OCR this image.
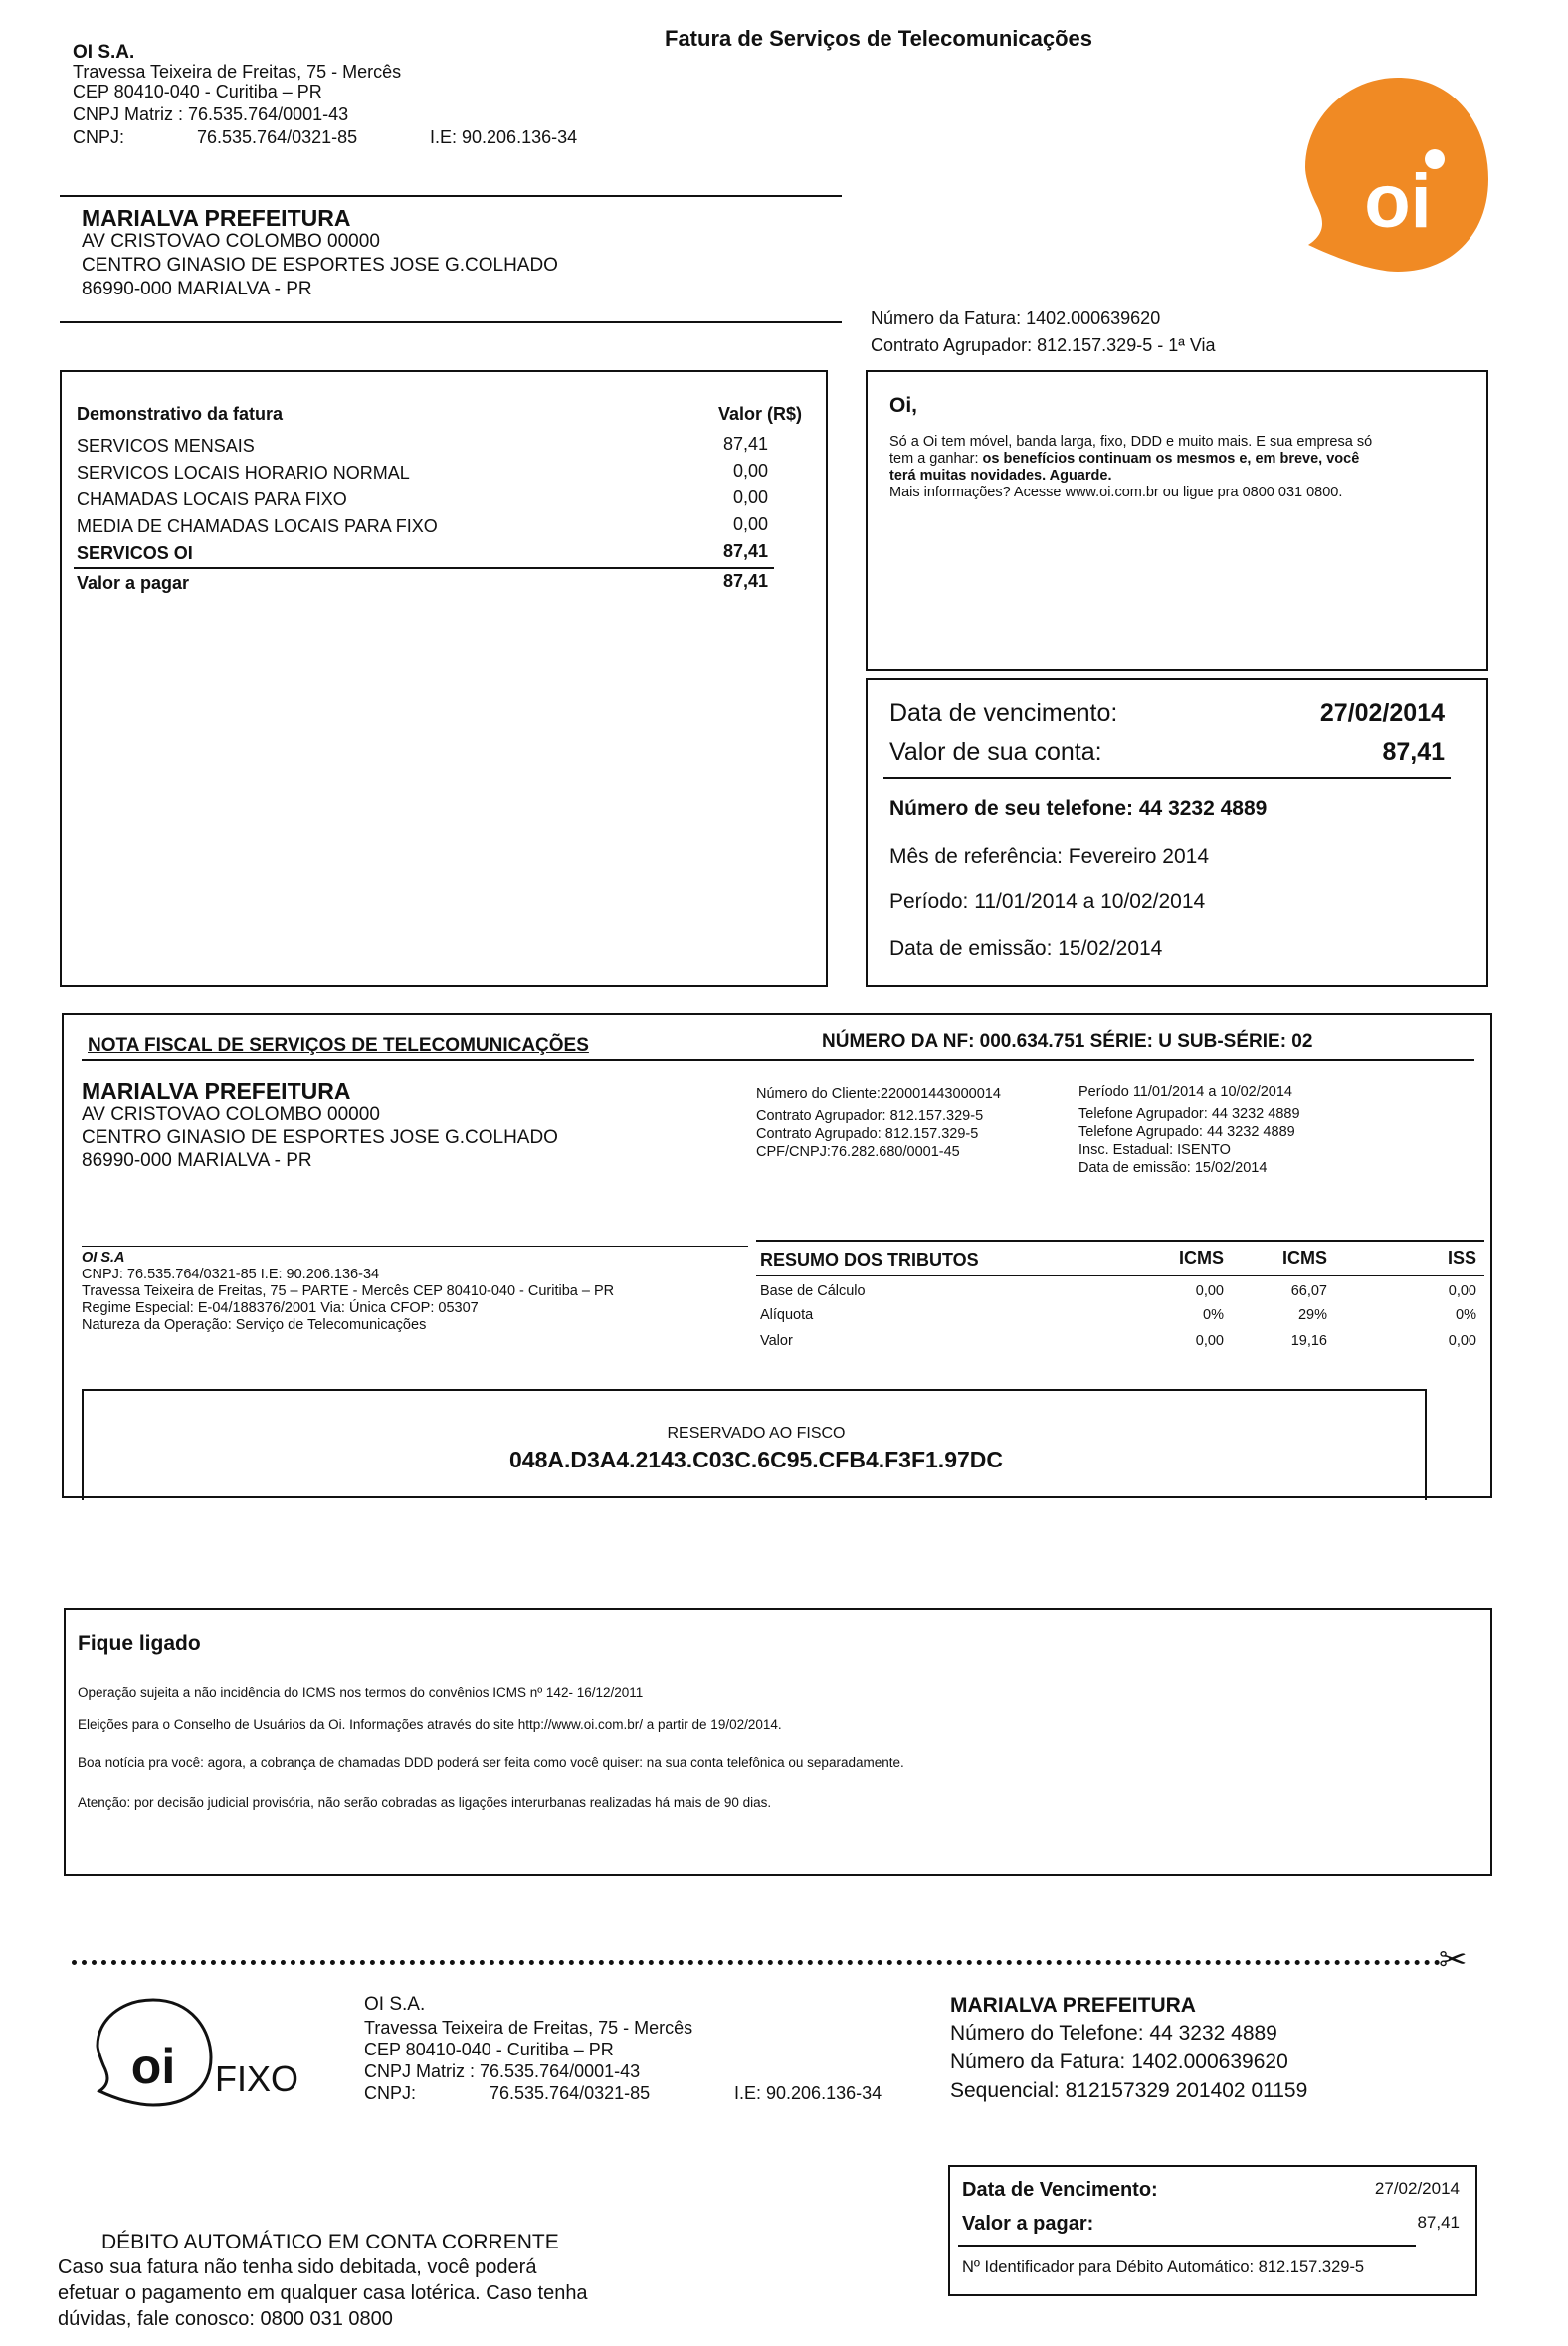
OI S.A.
Travessa Teixeira de Freitas, 75 - Mercês
CEP 80410-040 - Curitiba – PR
CNPJ Matriz : 76.535.764/0001-43
CNPJ:	76.535.764/0321-85	I.E: 90.206.136-34
Fatura de Serviços de Telecomunicações
oi
MARIALVA PREFEITURA
AV CRISTOVAO COLOMBO 00000
CENTRO GINASIO DE ESPORTES JOSE G.COLHADO
86990-000 MARIALVA - PR
Número da Fatura: 1402.000639620
Contrato Agrupador: 812.157.329-5 - 1ª Via
Demonstrativo da fatura	Valor (R$)
SERVICOS MENSAIS	87,41
SERVICOS LOCAIS HORARIO NORMAL	0,00
CHAMADAS LOCAIS PARA FIXO	0,00
MEDIA DE CHAMADAS LOCAIS PARA FIXO	0,00
SERVICOS OI	87,41
Valor a pagar	87,41
Oi,
Só a Oi tem móvel, banda larga, fixo, DDD e muito mais. E sua empresa só
tem a ganhar: os benefícios continuam os mesmos e, em breve, você
terá muitas novidades. Aguarde.
Mais informações? Acesse www.oi.com.br ou ligue pra 0800 031 0800.
Data de vencimento:	27/02/2014
Valor de sua conta:	87,41
Número de seu telefone: 44 3232 4889
Mês de referência: Fevereiro 2014
Período: 11/01/2014 a 10/02/2014
Data de emissão: 15/02/2014
NOTA FISCAL DE SERVIÇOS DE TELECOMUNICAÇÕES	NÚMERO DA NF: 000.634.751 SÉRIE: U SUB-SÉRIE: 02
MARIALVA PREFEITURA
AV CRISTOVAO COLOMBO 00000
CENTRO GINASIO DE ESPORTES JOSE G.COLHADO
86990-000 MARIALVA - PR
Número do Cliente:220001443000014
Contrato Agrupador: 812.157.329-5
Contrato Agrupado: 812.157.329-5
CPF/CNPJ:76.282.680/0001-45
Período 11/01/2014 a 10/02/2014
Telefone Agrupador: 44 3232 4889
Telefone Agrupado: 44 3232 4889
Insc. Estadual: ISENTO
Data de emissão: 15/02/2014
OI S.A
CNPJ: 76.535.764/0321-85 I.E: 90.206.136-34
Travessa Teixeira de Freitas, 75 – PARTE - Mercês CEP 80410-040 - Curitiba – PR
Regime Especial: E-04/188376/2001 Via: Única CFOP: 05307
Natureza da Operação: Serviço de Telecomunicações
RESUMO DOS TRIBUTOS	ICMS	ICMS	ISS
Base de Cálculo	0,00	66,07	0,00
Alíquota	0%	29%	0%
Valor	0,00	19,16	0,00
RESERVADO AO FISCO
048A.D3A4.2143.C03C.6C95.CFB4.F3F1.97DC
Fique ligado
Operação sujeita a não incidência do ICMS nos termos do convênios ICMS nº 142- 16/12/2011
Eleições para o Conselho de Usuários da Oi. Informações através do site http://www.oi.com.br/ a partir de 19/02/2014.
Boa notícia pra você: agora, a cobrança de chamadas DDD poderá ser feita como você quiser: na sua conta telefônica ou separadamente.
Atenção: por decisão judicial provisória, não serão cobradas as ligações interurbanas realizadas há mais de 90 dias.
✂
oi FIXO
OI S.A.
Travessa Teixeira de Freitas, 75 - Mercês
CEP 80410-040 - Curitiba – PR
CNPJ Matriz : 76.535.764/0001-43
CNPJ:	76.535.764/0321-85	I.E: 90.206.136-34
MARIALVA PREFEITURA
Número do Telefone: 44 3232 4889
Número da Fatura: 1402.000639620
Sequencial: 812157329 201402 01159
Data de Vencimento:	27/02/2014
Valor a pagar:	87,41
Nº Identificador para Débito Automático: 812.157.329-5
DÉBITO AUTOMÁTICO EM CONTA CORRENTE
Caso sua fatura não tenha sido debitada, você poderá
efetuar o pagamento em qualquer casa lotérica. Caso tenha
dúvidas, fale conosco: 0800 031 0800
